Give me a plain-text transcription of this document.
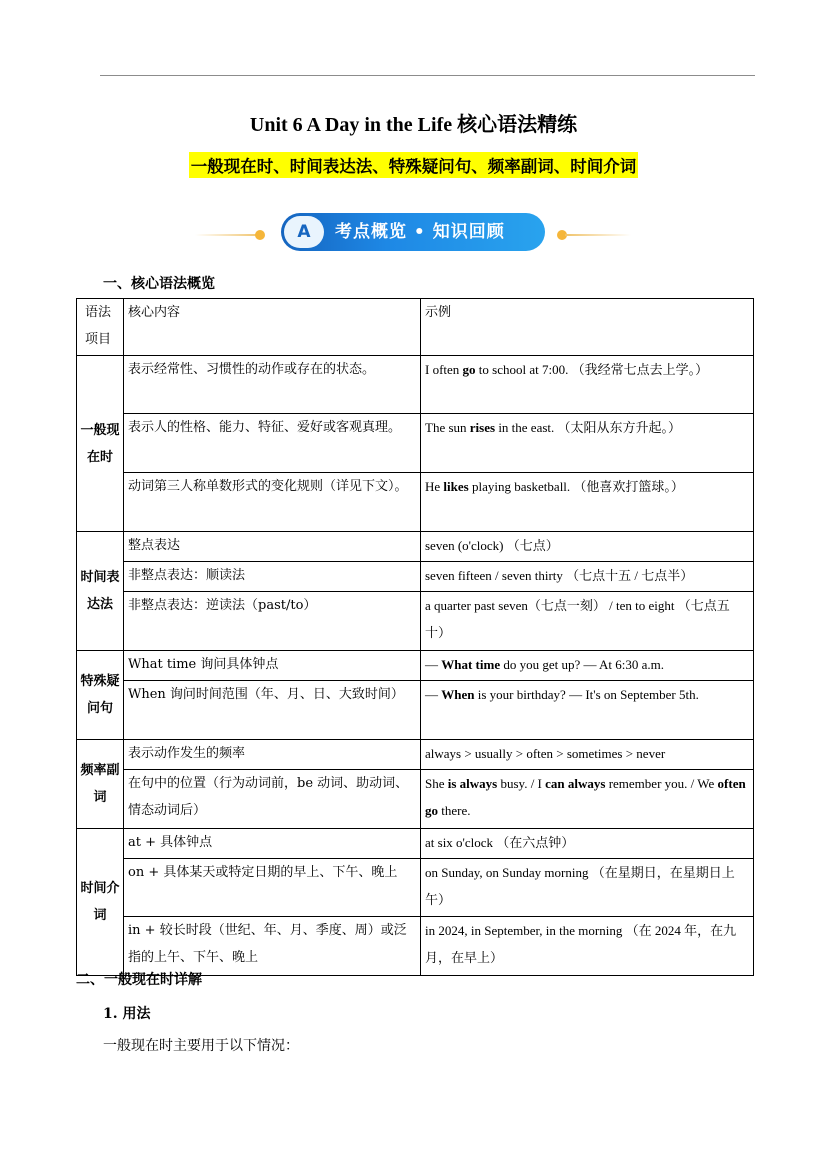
Unit 6 A Day in the Life 核心语法精练
一般现在时、时间表达法、特殊疑问句、频率副词、时间介词
A	考点概览 • 知识回顾
一、核心语法概览
语法项目	核心内容	示例
一般现在时	表示经常性、习惯性的动作或存在的状态。	I often go to school at 7:00. （我经常七点去上学。）
	表示人的性格、能力、特征、爱好或客观真理。	The sun rises in the east. （太阳从东方升起。）
	动词第三人称单数形式的变化规则（详见下文）。	He likes playing basketball. （他喜欢打篮球。）
时间表达法	整点表达	seven (o'clock) （七点）
	非整点表达：顺读法	seven fifteen / seven thirty （七点十五 / 七点半）
	非整点表达：逆读法（past/to）	a quarter past seven（七点一刻） / ten to eight （七点五十）
特殊疑问句	What time 询问具体钟点	— What time do you get up? — At 6:30 a.m.
	When 询问时间范围（年、月、日、大致时间）	— When is your birthday? — It's on September 5th.
频率副词	表示动作发生的频率	always > usually > often > sometimes > never
	在句中的位置（行为动词前，be 动词、助动词、情态动词后）	She is always busy. / I can always remember you. / We often go there.
时间介词	at + 具体钟点	at six o'clock （在六点钟）
	on + 具体某天或特定日期的早上、下午、晚上	on Sunday, on Sunday morning （在星期日，在星期日上午）
	in + 较长时段（世纪、年、月、季度、周）或泛指的上午、下午、晚上	in 2024, in September, in the morning （在 2024 年，在九月，在早上）
二、一般现在时详解
1. 用法
一般现在时主要用于以下情况：
